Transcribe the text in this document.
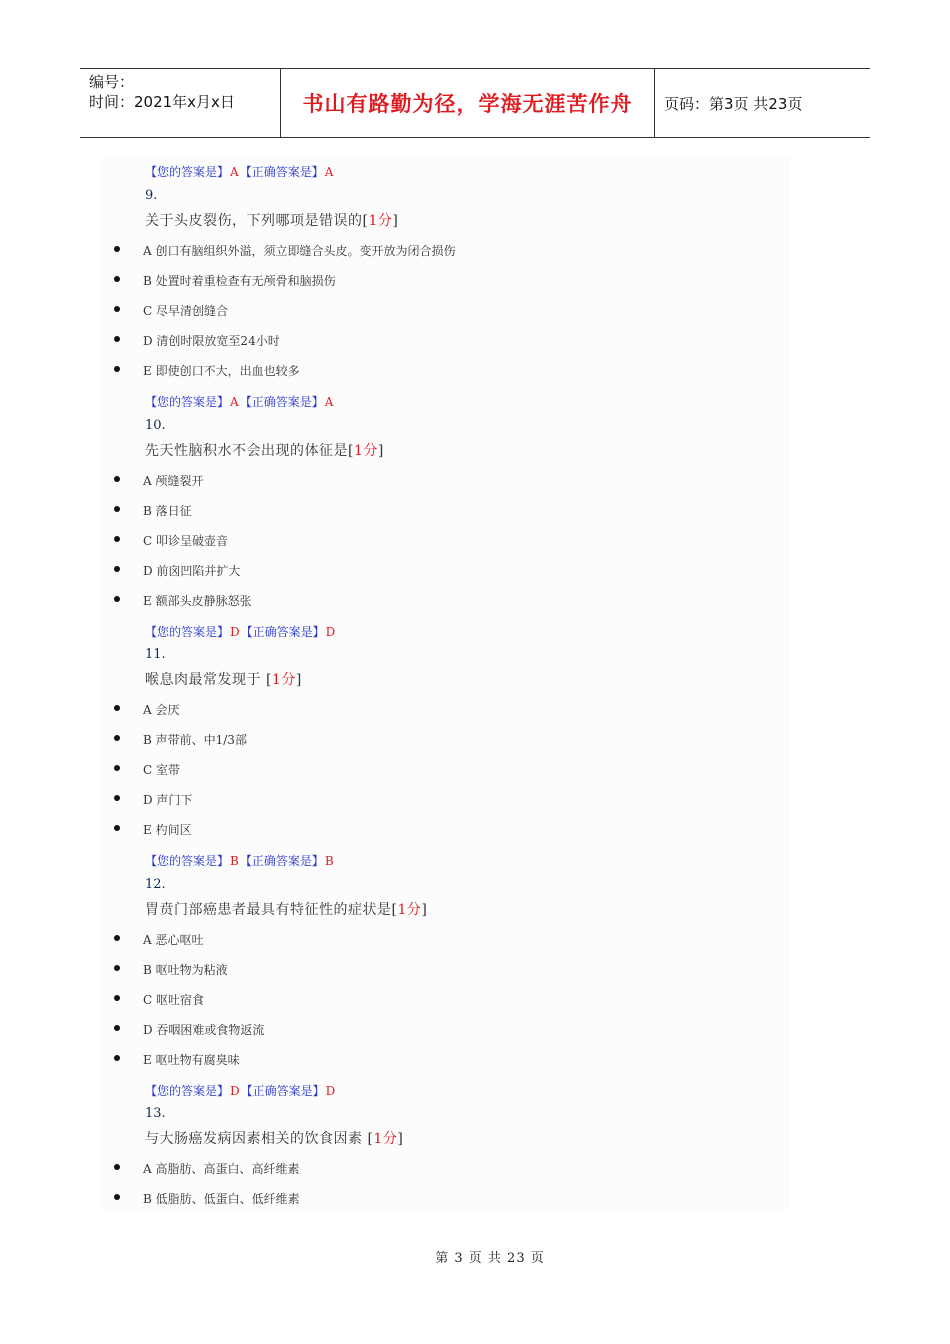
编号：
时间：2021年x月x日	书山有路勤为径，学海无涯苦作舟	页码：第3页 共23页
【您的答案是】A【正确答案是】A
9.
关于头皮裂伤，下列哪项是错误的[1分]
A 创口有脑组织外溢，须立即缝合头皮。变开放为闭合损伤
B 处置时着重检查有无颅骨和脑损伤
C 尽早清创缝合
D 清创时限放宽至24小时
E 即使创口不大，出血也较多
【您的答案是】A【正确答案是】A
10.
先天性脑积水不会出现的体征是[1分]
A 颅缝裂开
B 落日征
C 叩诊呈破壶音
D 前囟凹陷并扩大
E 额部头皮静脉怒张
【您的答案是】D【正确答案是】D
11.
喉息肉最常发现于 [1分]
A 会厌
B 声带前、中1/3部
C 室带
D 声门下
E 杓间区
【您的答案是】B【正确答案是】B
12.
胃贲门部癌患者最具有特征性的症状是[1分]
A 恶心呕吐
B 呕吐物为粘液
C 呕吐宿食
D 吞咽困难或食物返流
E 呕吐物有腐臭味
【您的答案是】D【正确答案是】D
13.
与大肠癌发病因素相关的饮食因素 [1分]
A 高脂肪、高蛋白、高纤维素
B 低脂肪、低蛋白、低纤维素
第 3 页 共 23 页
